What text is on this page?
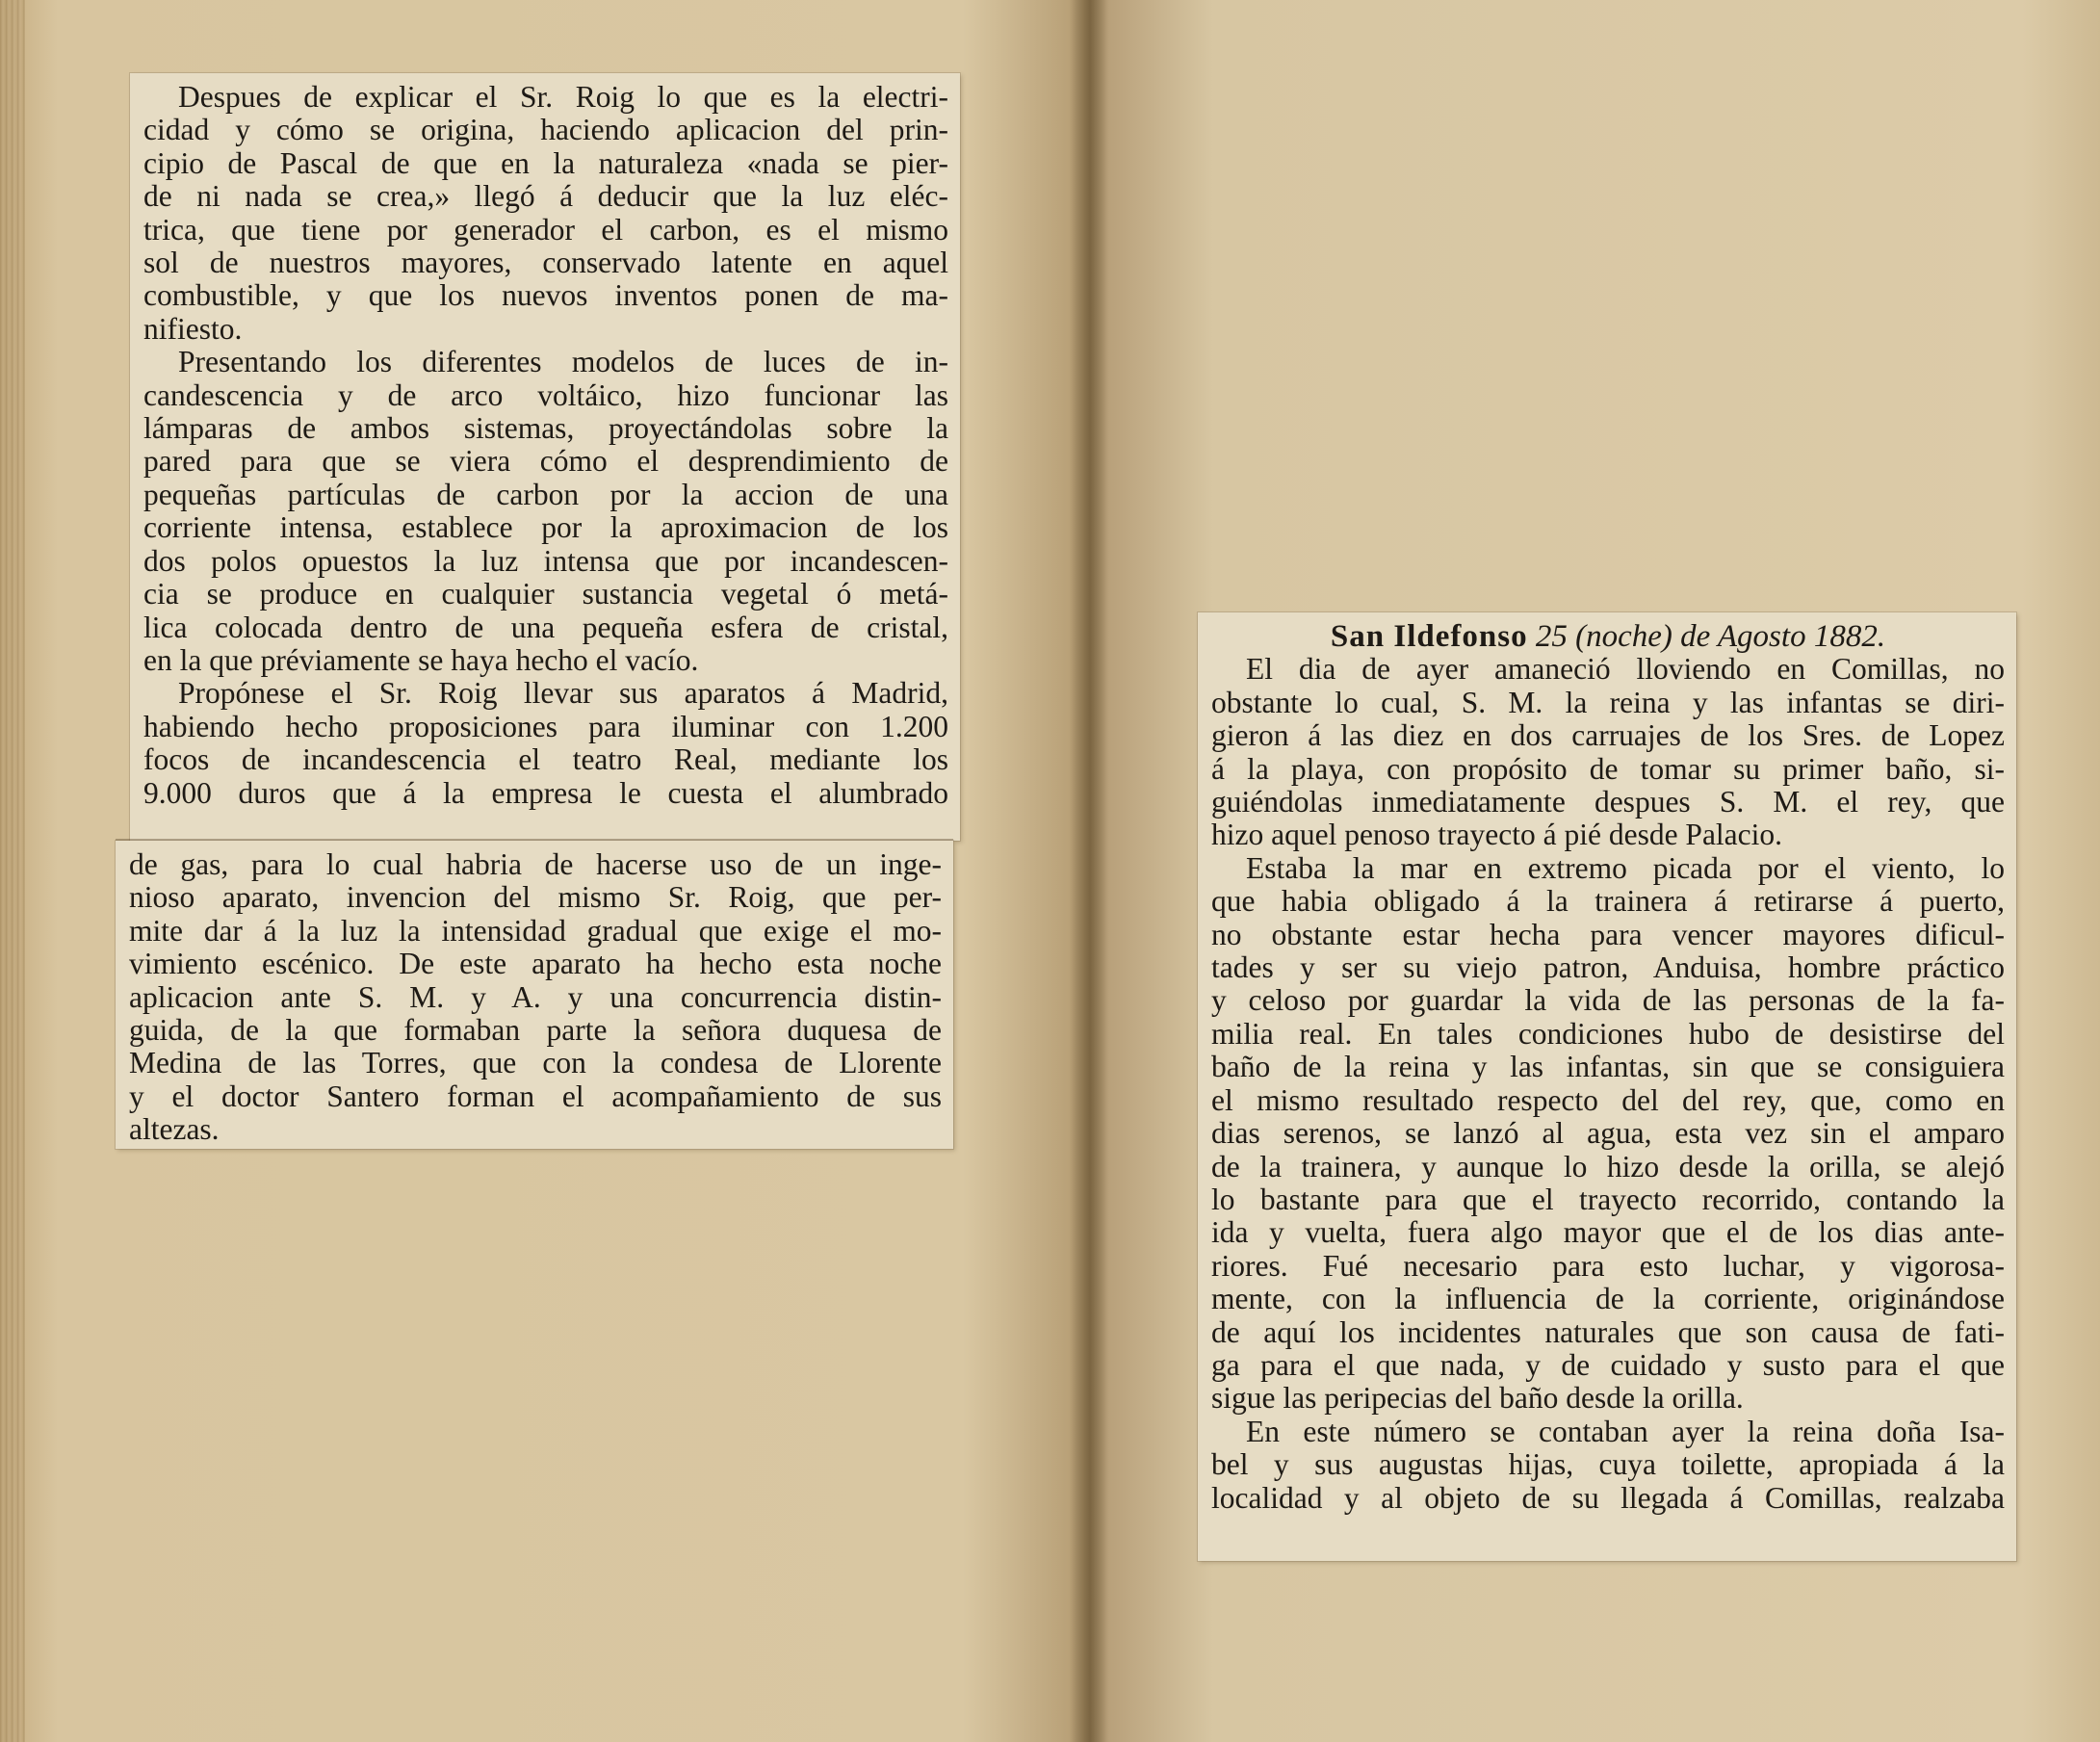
Despues de explicar el Sr. Roig lo que es la electri-
cidad y cómo se origina, haciendo aplicacion del prin-
cipio de Pascal de que en la naturaleza «nada se pier-
de ni nada se crea,» llegó á deducir que la luz eléc-
trica, que tiene por generador el carbon, es el mismo
sol de nuestros mayores, conservado latente en aquel
combustible, y que los nuevos inventos ponen de ma-
nifiesto.
Presentando los diferentes modelos de luces de in-
candescencia y de arco voltáico, hizo funcionar las
lámparas de ambos sistemas, proyectándolas sobre la
pared para que se viera cómo el desprendimiento de
pequeñas partículas de carbon por la accion de una
corriente intensa, establece por la aproximacion de los
dos polos opuestos la luz intensa que por incandescen-
cia se produce en cualquier sustancia vegetal ó metá-
lica colocada dentro de una pequeña esfera de cristal,
en la que préviamente se haya hecho el vacío.
Propónese el Sr. Roig llevar sus aparatos á Madrid,
habiendo hecho proposiciones para iluminar con 1.200
focos de incandescencia el teatro Real, mediante los
9.000 duros que á la empresa le cuesta el alumbrado
de gas, para lo cual habria de hacerse uso de un inge-
nioso aparato, invencion del mismo Sr. Roig, que per-
mite dar á la luz la intensidad gradual que exige el mo-
vimiento escénico. De este aparato ha hecho esta noche
aplicacion ante S. M. y A. y una concurrencia distin-
guida, de la que formaban parte la señora duquesa de
Medina de las Torres, que con la condesa de Llorente
y el doctor Santero forman el acompañamiento de sus
altezas.
San Ildefonso 25 (noche) de Agosto 1882.
El dia de ayer amaneció lloviendo en Comillas, no
obstante lo cual, S. M. la reina y las infantas se diri-
gieron á las diez en dos carruajes de los Sres. de Lopez
á la playa, con propósito de tomar su primer baño, si-
guiéndolas inmediatamente despues S. M. el rey, que
hizo aquel penoso trayecto á pié desde Palacio.
Estaba la mar en extremo picada por el viento, lo
que habia obligado á la trainera á retirarse á puerto,
no obstante estar hecha para vencer mayores dificul-
tades y ser su viejo patron, Anduisa, hombre práctico
y celoso por guardar la vida de las personas de la fa-
milia real. En tales condiciones hubo de desistirse del
baño de la reina y las infantas, sin que se consiguiera
el mismo resultado respecto del del rey, que, como en
dias serenos, se lanzó al agua, esta vez sin el amparo
de la trainera, y aunque lo hizo desde la orilla, se alejó
lo bastante para que el trayecto recorrido, contando la
ida y vuelta, fuera algo mayor que el de los dias ante-
riores. Fué necesario para esto luchar, y vigorosa-
mente, con la influencia de la corriente, originándose
de aquí los incidentes naturales que son causa de fati-
ga para el que nada, y de cuidado y susto para el que
sigue las peripecias del baño desde la orilla.
En este número se contaban ayer la reina doña Isa-
bel y sus augustas hijas, cuya toilette, apropiada á la
localidad y al objeto de su llegada á Comillas, realzaba
